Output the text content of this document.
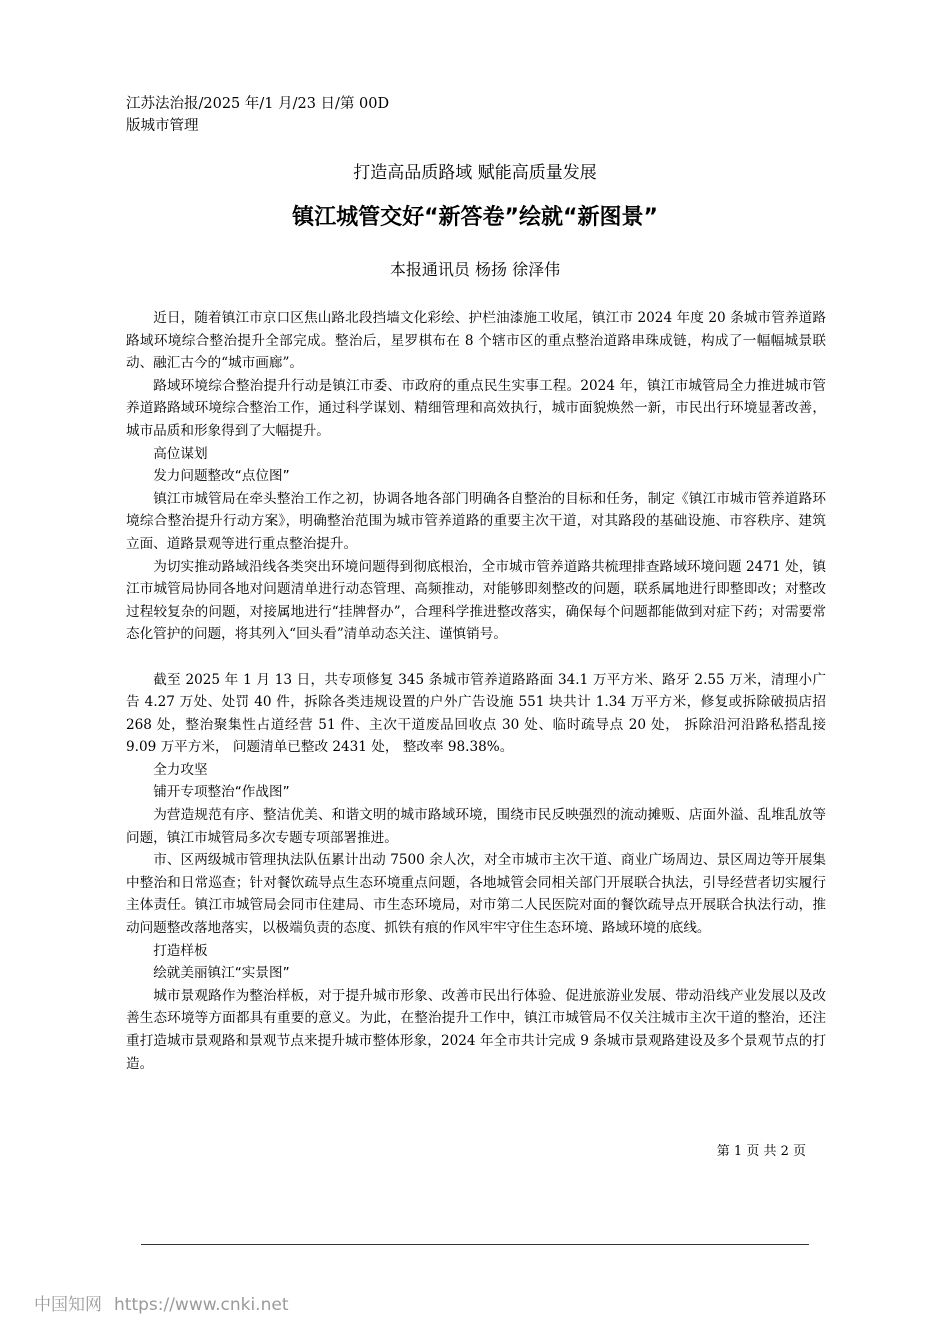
江苏法治报/2025 年/1 月/23 日/第 00D
版城市管理
打造高品质路域 赋能高质量发展
镇江城管交好“新答卷”绘就“新图景”
本报通讯员 杨扬 徐泽伟

近日，随着镇江市京口区焦山路北段挡墙文化彩绘、护栏油漆施工收尾，镇江市 2024 年度 20 条城市管养道路路域环境综合整治提升全部完成。整治后，星罗棋布在 8 个辖市区的重点整治道路串珠成链，构成了一幅幅城景联动、融汇古今的“城市画廊”。

路域环境综合整治提升行动是镇江市委、市政府的重点民生实事工程。2024 年，镇江市城管局全力推进城市管养道路路域环境综合整治工作，通过科学谋划、精细管理和高效执行，城市面貌焕然一新，市民出行环境显著改善，城市品质和形象得到了大幅提升。

高位谋划

发力问题整改“点位图”

镇江市城管局在牵头整治工作之初，协调各地各部门明确各自整治的目标和任务，制定《镇江市城市管养道路环境综合整治提升行动方案》，明确整治范围为城市管养道路的重要主次干道，对其路段的基础设施、市容秩序、建筑立面、道路景观等进行重点整治提升。

为切实推动路域沿线各类突出环境问题得到彻底根治，全市城市管养道路共梳理排查路域环境问题 2471 处，镇江市城管局协同各地对问题清单进行动态管理、高频推动，对能够即刻整改的问题，联系属地进行即整即改；对整改过程较复杂的问题，对接属地进行“挂牌督办”，合理科学推进整改落实，确保每个问题都能做到对症下药；对需要常态化管护的问题，将其列入“回头看”清单动态关注、谨慎销号。

截至 2025 年 1 月 13 日，共专项修复 345 条城市管养道路路面 34.1 万平方米、路牙 2.55 万米，清理小广告 4.27 万处、处罚 40 件，拆除各类违规设置的户外广告设施 551 块共计 1.34 万平方米，修复或拆除破损店招 268 处，整治聚集性占道经营 51 件、主次干道废品回收点 30 处、临时疏导点 20 处， 拆除沿河沿路私搭乱接 9.09 万平方米， 问题清单已整改 2431 处， 整改率 98.38%。

全力攻坚

铺开专项整治“作战图”

为营造规范有序、整洁优美、和谐文明的城市路域环境，围绕市民反映强烈的流动摊贩、店面外溢、乱堆乱放等问题，镇江市城管局多次专题专项部署推进。

市、区两级城市管理执法队伍累计出动 7500 余人次，对全市城市主次干道、商业广场周边、景区周边等开展集中整治和日常巡查；针对餐饮疏导点生态环境重点问题，各地城管会同相关部门开展联合执法，引导经营者切实履行主体责任。镇江市城管局会同市住建局、市生态环境局，对市第二人民医院对面的餐饮疏导点开展联合执法行动，推动问题整改落地落实，以极端负责的态度、抓铁有痕的作风牢牢守住生态环境、路域环境的底线。

打造样板

绘就美丽镇江“实景图”

城市景观路作为整治样板，对于提升城市形象、改善市民出行体验、促进旅游业发展、带动沿线产业发展以及改善生态环境等方面都具有重要的意义。为此，在整治提升工作中，镇江市城管局不仅关注城市主次干道的整治，还注重打造城市景观路和景观节点来提升城市整体形象，2024 年全市共计完成 9 条城市景观路建设及多个景观节点的打造。

第 1 页 共 2 页
中国知网 https://www.cnki.net
